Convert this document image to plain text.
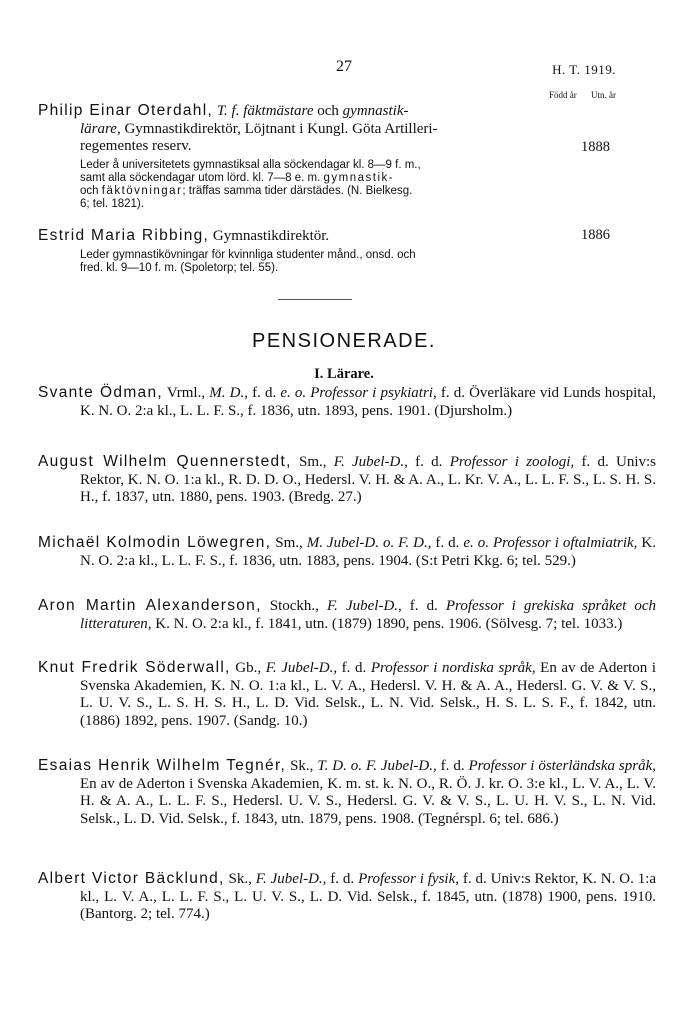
27	H. T. 1919.
Född år Utn. år
Philip Einar Oterdahl, T. f. fäktmästare och gymnastik-
lärare, Gymnastikdirektör, Löjtnant i Kungl. Göta Artilleri-
regementes reserv.	1888
Leder å universitetets gymnastiksal alla söckendagar kl. 8—9 f. m.,
samt alla söckendagar utom lörd. kl. 7—8 e. m. gymnastik-
och fäktövningar; träffas samma tider därstädes. (N. Bielkesg.
6; tel. 1821).
Estrid Maria Ribbing, Gymnastikdirektör.	1886
Leder gymnastikövningar för kvinnliga studenter månd., onsd. och
fred. kl. 9—10 f. m. (Spoletorp; tel. 55).
PENSIONERADE.
I. Lärare.
Svante Ödman, Vrml., M. D., f. d. e. o. Professor i psykiatri, f. d. Överläkare vid Lunds hospital, K. N. O. 2:a kl., L. L. F. S., f. 1836, utn. 1893, pens. 1901. (Djursholm.)
August Wilhelm Quennerstedt, Sm., F. Jubel-D., f. d. Professor i zoologi, f. d. Univ:s Rektor, K. N. O. 1:a kl., R. D. D. O., Hedersl. V. H. & A. A., L. Kr. V. A., L. L. F. S., L. S. H. S. H., f. 1837, utn. 1880, pens. 1903. (Bredg. 27.)
Michaël Kolmodin Löwegren, Sm., M. Jubel-D. o. F. D., f. d. e. o. Professor i oftalmiatrik, K. N. O. 2:a kl., L. L. F. S., f. 1836, utn. 1883, pens. 1904. (S:t Petri Kkg. 6; tel. 529.)
Aron Martin Alexanderson, Stockh., F. Jubel-D., f. d. Professor i grekiska språket och litteraturen, K. N. O. 2:a kl., f. 1841, utn. (1879) 1890, pens. 1906. (Sölvesg. 7; tel. 1033.)
Knut Fredrik Söderwall, Gb., F. Jubel-D., f. d. Professor i nordiska språk, En av de Aderton i Svenska Akademien, K. N. O. 1:a kl., L. V. A., Hedersl. V. H. & A. A., Hedersl. G. V. & V. S., L. U. V. S., L. S. H. S. H., L. D. Vid. Selsk., L. N. Vid. Selsk., H. S. L. S. F., f. 1842, utn. (1886) 1892, pens. 1907. (Sandg. 10.)
Esaias Henrik Wilhelm Tegnér, Sk., T. D. o. F. Jubel-D., f. d. Professor i österländska språk, En av de Aderton i Svenska Akademien, K. m. st. k. N. O., R. Ö. J. kr. O. 3:e kl., L. V. A., L. V. H. & A. A., L. L. F. S., Hedersl. U. V. S., Hedersl. G. V. & V. S., L. U. H. V. S., L. N. Vid. Selsk., L. D. Vid. Selsk., f. 1843, utn. 1879, pens. 1908. (Tegnérspl. 6; tel. 686.)
Albert Victor Bäcklund, Sk., F. Jubel-D., f. d. Professor i fysik, f. d. Univ:s Rektor, K. N. O. 1:a kl., L. V. A., L. L. F. S., L. U. V. S., L. D. Vid. Selsk., f. 1845, utn. (1878) 1900, pens. 1910. (Bantorg. 2; tel. 774.)
